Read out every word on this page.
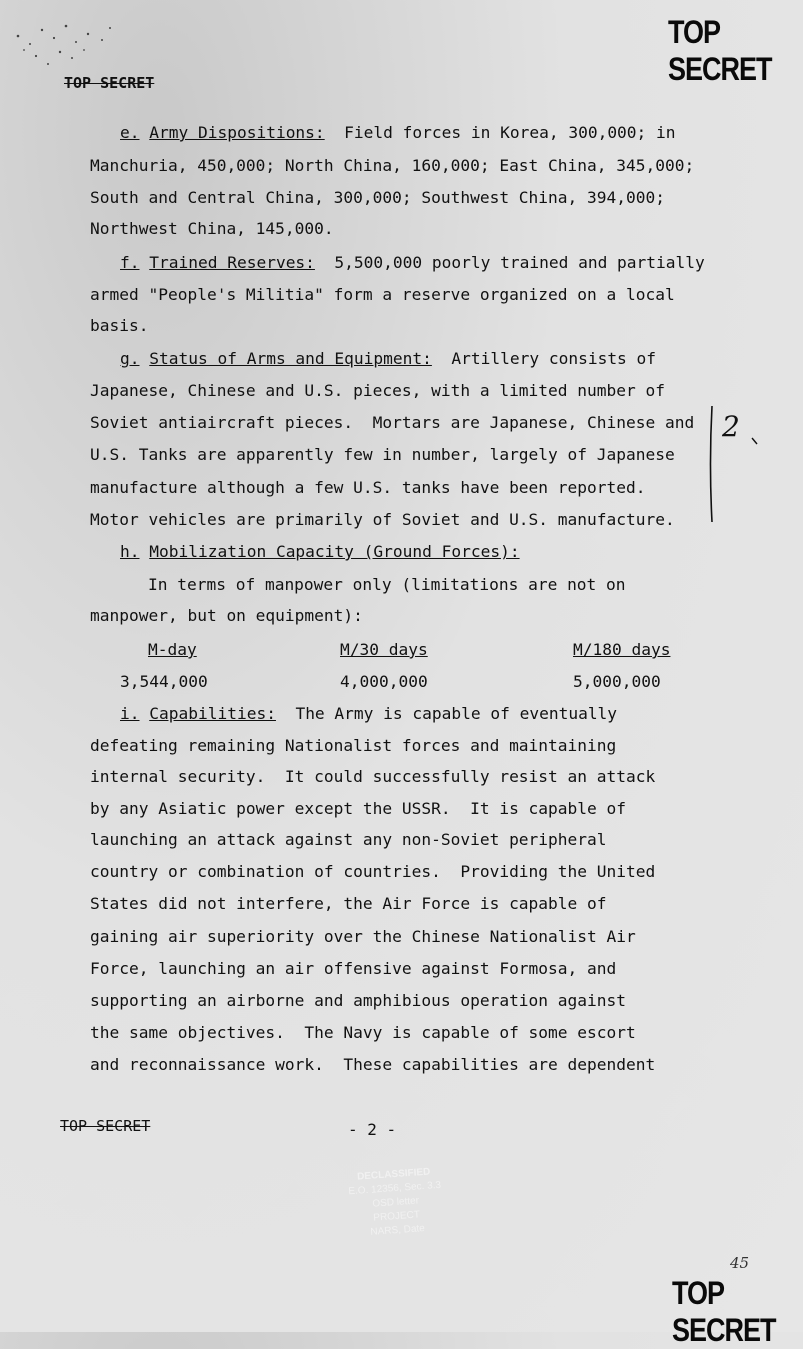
TOP SECRET
TOP SECRET
e. Army Dispositions:  Field forces in Korea, 300,000; in
Manchuria, 450,000; North China, 160,000; East China, 345,000;
South and Central China, 300,000; Southwest China, 394,000;
Northwest China, 145,000.
f. Trained Reserves:  5,500,000 poorly trained and partially
armed "People's Militia" form a reserve organized on a local
basis.
g. Status of Arms and Equipment:  Artillery consists of
Japanese, Chinese and U.S. pieces, with a limited number of
Soviet antiaircraft pieces.  Mortars are Japanese, Chinese and
U.S. Tanks are apparently few in number, largely of Japanese
manufacture although a few U.S. tanks have been reported.
Motor vehicles are primarily of Soviet and U.S. manufacture.
2
h. Mobilization Capacity (Ground Forces):
In terms of manpower only (limitations are not on
manpower, but on equipment):
M-day	M/30 days	M/180 days
3,544,000	4,000,000	5,000,000
i. Capabilities:  The Army is capable of eventually
defeating remaining Nationalist forces and maintaining
internal security.  It could successfully resist an attack
by any Asiatic power except the USSR.  It is capable of
launching an attack against any non-Soviet peripheral
country or combination of countries.  Providing the United
States did not interfere, the Air Force is capable of
gaining air superiority over the Chinese Nationalist Air
Force, launching an air offensive against Formosa, and
supporting an airborne and amphibious operation against
the same objectives.  The Navy is capable of some escort
and reconnaissance work.  These capabilities are dependent
TOP SECRET	- 2 -
DECLASSIFIED
E.O. 12356, Sec. 3.3
OSD letter
PROJECT
NARS, Date
45
TOP SECRET
